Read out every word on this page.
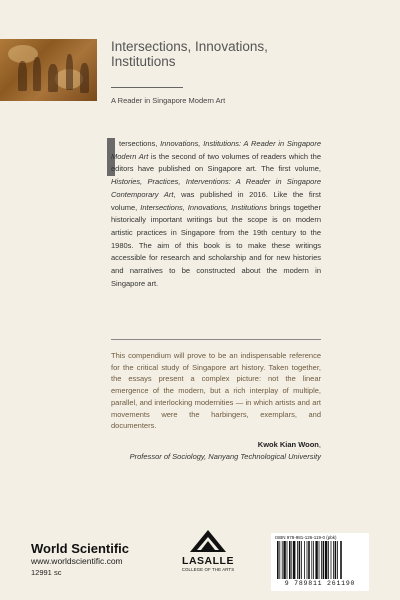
Intersections, Innovations, Institutions
A Reader in Singapore Modern Art

tersections, Innovations, Institutions: A Reader in Singapore Modern Art is the second of two volumes of readers which the editors have published on Singapore art. The first volume, Histories, Practices, Interventions: A Reader in Singapore Contemporary Art, was published in 2016. Like the first volume, Intersections, Innovations, Institutions brings together historically important writings but the scope is on modern artistic practices in Singapore from the 19th century to the 1980s. The aim of this book is to make these writings accessible for research and scholarship and for new histories and narratives to be constructed about the modern in Singapore art.

This compendium will prove to be an indispensable reference for the critical study of Singapore art history. Taken together, the essays present a complex picture: not the linear emergence of the modern, but a rich interplay of multiple, parallel, and interlocking modernities — in which artists and art movements were the harbingers, exemplars, and documenters.

Kwok Kian Woon,
Professor of Sociology, Nanyang Technological University
World Scientific
www.worldscientific.com
12991 sc
LASALLE
COLLEGE OF THE ARTS
ISBN 978-981-126-119-0 (pbk)
9 789811 261190
